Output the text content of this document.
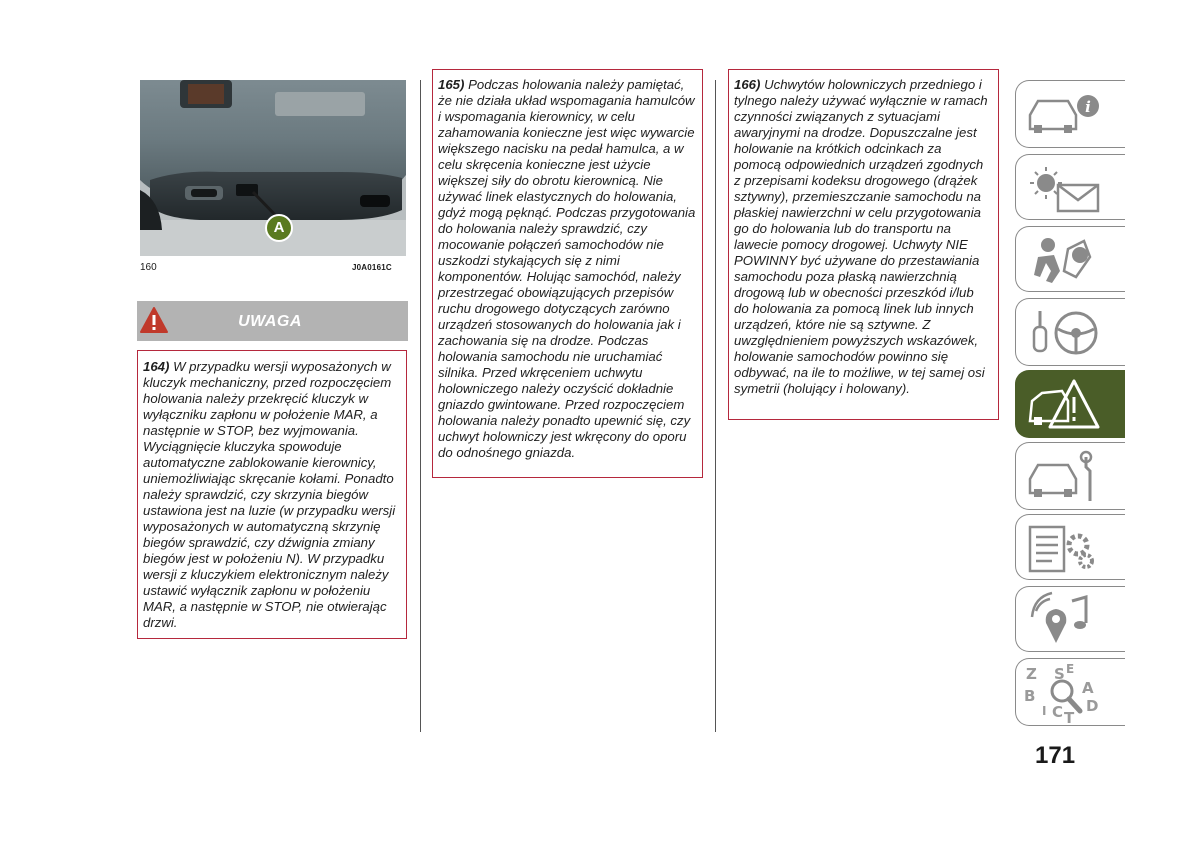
A
160	J0A0161C
UWAGA
164) W przypadku wersji wyposażonych w kluczyk mechaniczny, przed rozpoczęciem holowania należy przekręcić kluczyk w wyłączniku zapłonu w położenie MAR, a następnie w STOP, bez wyjmowania. Wyciągnięcie kluczyka spowoduje automatyczne zablokowanie kierownicy, uniemożliwiając skręcanie kołami. Ponadto należy sprawdzić, czy skrzynia biegów ustawiona jest na luzie (w przypadku wersji wyposażonych w automatyczną skrzynię biegów sprawdzić, czy dźwignia zmiany biegów jest w położeniu N). W przypadku wersji z kluczykiem elektronicznym należy ustawić wyłącznik zapłonu w położeniu MAR, a następnie w STOP, nie otwierając drzwi.
165) Podczas holowania należy pamiętać, że nie działa układ wspomagania hamulców i wspomagania kierownicy, w celu zahamowania konieczne jest więc wywarcie większego nacisku na pedał hamulca, a w celu skręcenia konieczne jest użycie większej siły do obrotu kierownicą. Nie używać linek elastycznych do holowania, gdyż mogą pęknąć. Podczas przygotowania do holowania należy sprawdzić, czy mocowanie połączeń samochodów nie uszkodzi stykających się z nimi komponentów. Holując samochód, należy przestrzegać obowiązujących przepisów ruchu drogowego dotyczących zarówno urządzeń stosowanych do holowania jak i zachowania się na drodze. Podczas holowania samochodu nie uruchamiać silnika. Przed wkręceniem uchwytu holowniczego należy oczyścić dokładnie gniazdo gwintowane. Przed rozpoczęciem holowania należy ponadto upewnić się, czy uchwyt holowniczy jest wkręcony do oporu do odnośnego gniazda.
166) Uchwytów holowniczych przedniego i tylnego należy używać wyłącznie w ramach czynności związanych z sytuacjami awaryjnymi na drodze. Dopuszczalne jest holowanie na krótkich odcinkach za pomocą odpowiednich urządzeń zgodnych z przepisami kodeksu drogowego (drążek sztywny), przemieszczanie samochodu na płaskiej nawierzchni w celu przygotowania go do holowania lub do transportu na lawecie pomocy drogowej. Uchwyty NIE POWINNY być używane do przestawiania samochodu poza płaską nawierzchnią drogową lub w obecności przeszkód i/lub do holowania za pomocą linek lub innych urządzeń, które nie są sztywne. Z uwzględnieniem powyższych wskazówek, holowanie samochodów powinno się odbywać, na ile to możliwe, w tej samej osi symetrii (holujący i holowany).
i
Z E
S
A
B
I C T
D
171
